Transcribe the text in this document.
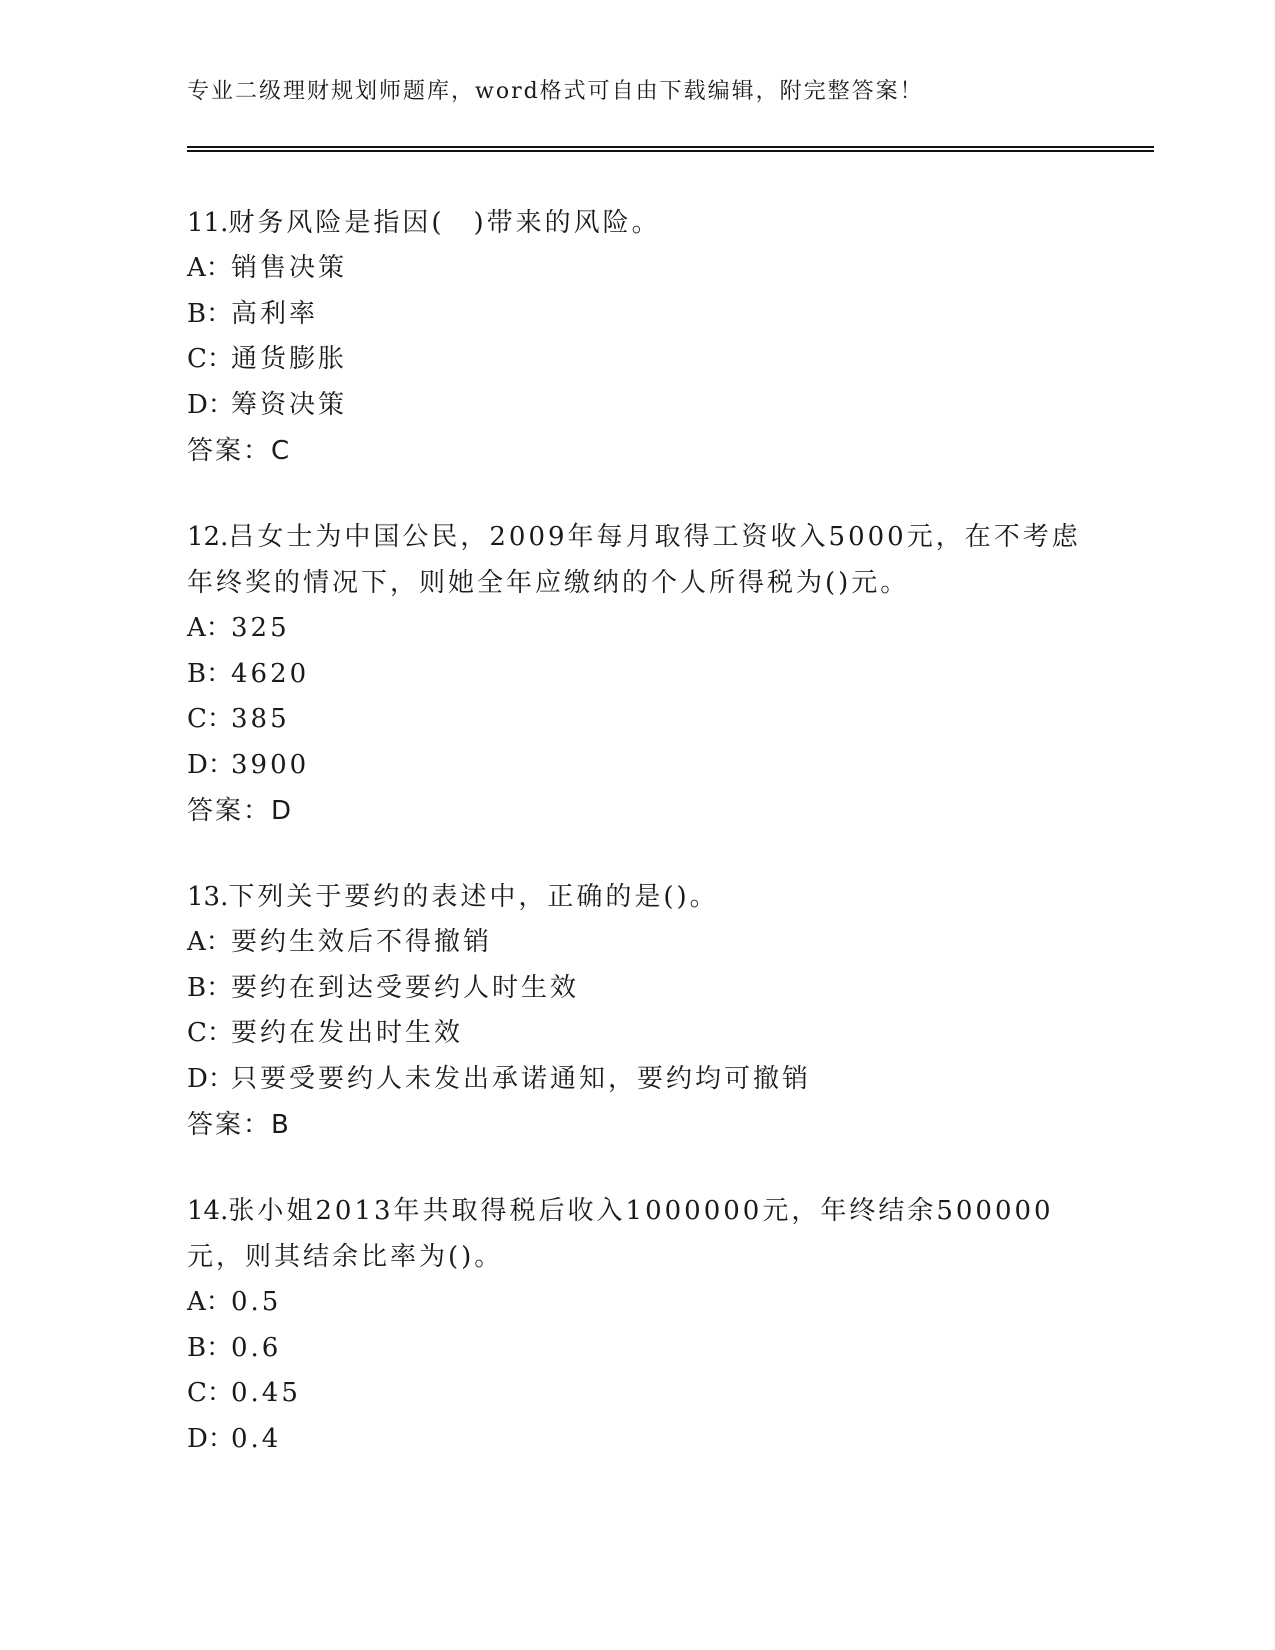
专业二级理财规划师题库，word格式可自由下载编辑，附完整答案！
11.财务风险是指因(　)带来的风险。
A：销售决策
B：高利率
C：通货膨胀
D：筹资决策
答案：C
12.吕女士为中国公民，2009年每月取得工资收入5000元，在不考虑年终奖的情况下，则她全年应缴纳的个人所得税为()元。
A：325
B：4620
C：385
D：3900
答案：D
13.下列关于要约的表述中，正确的是()。
A：要约生效后不得撤销
B：要约在到达受要约人时生效
C：要约在发出时生效
D：只要受要约人未发出承诺通知，要约均可撤销
答案：B
14.张小姐2013年共取得税后收入1000000元，年终结余500000元，则其结余比率为()。
A：0.5
B：0.6
C：0.45
D：0.4
